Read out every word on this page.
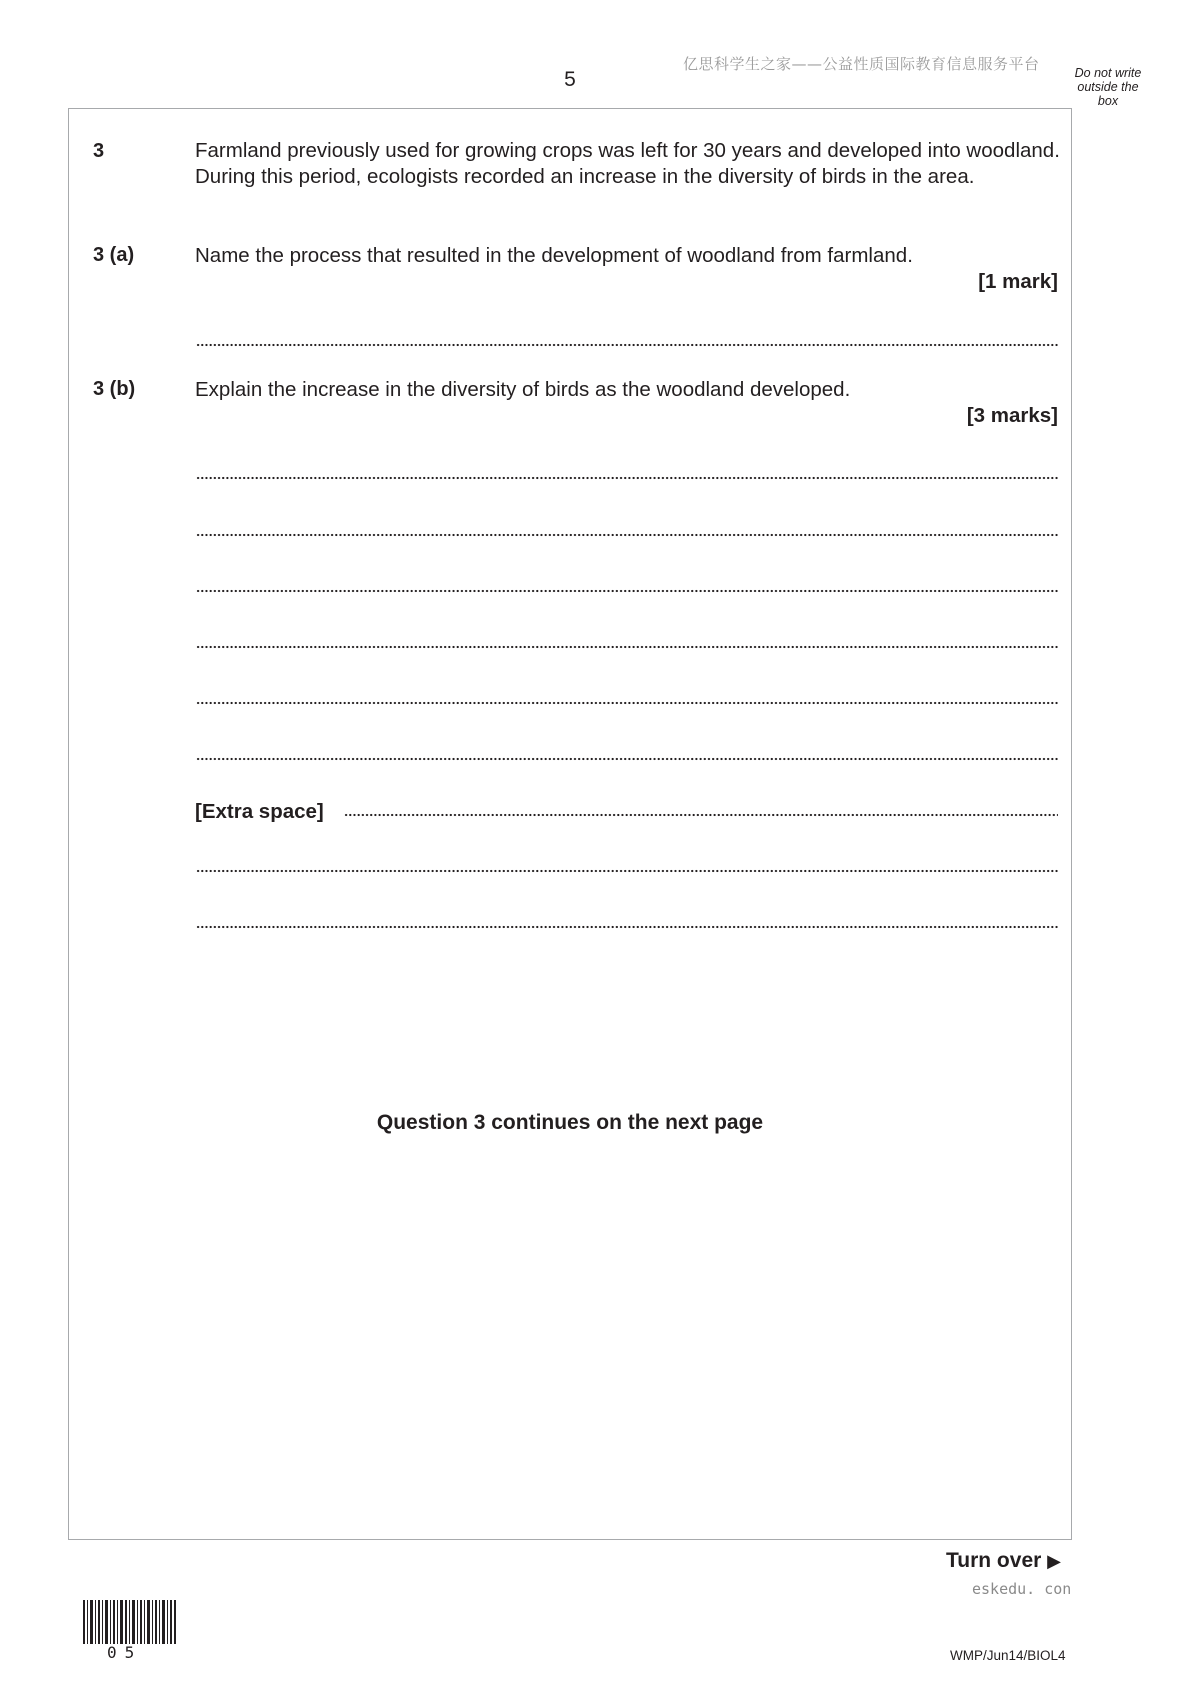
5
亿思科学生之家——公益性质国际教育信息服务平台	Do not write outside the box
3	Farmland previously used for growing crops was left for 30 years and developed into woodland. During this period, ecologists recorded an increase in the diversity of birds in the area.
3 (a)	Name the process that resulted in the development of woodland from farmland.
[1 mark]
3 (b)	Explain the increase in the diversity of birds as the woodland developed.
[3 marks]
[Extra space]
Question 3 continues on the next page
Turn over ▶
eskedu. con
05	WMP/Jun14/BIOL4
